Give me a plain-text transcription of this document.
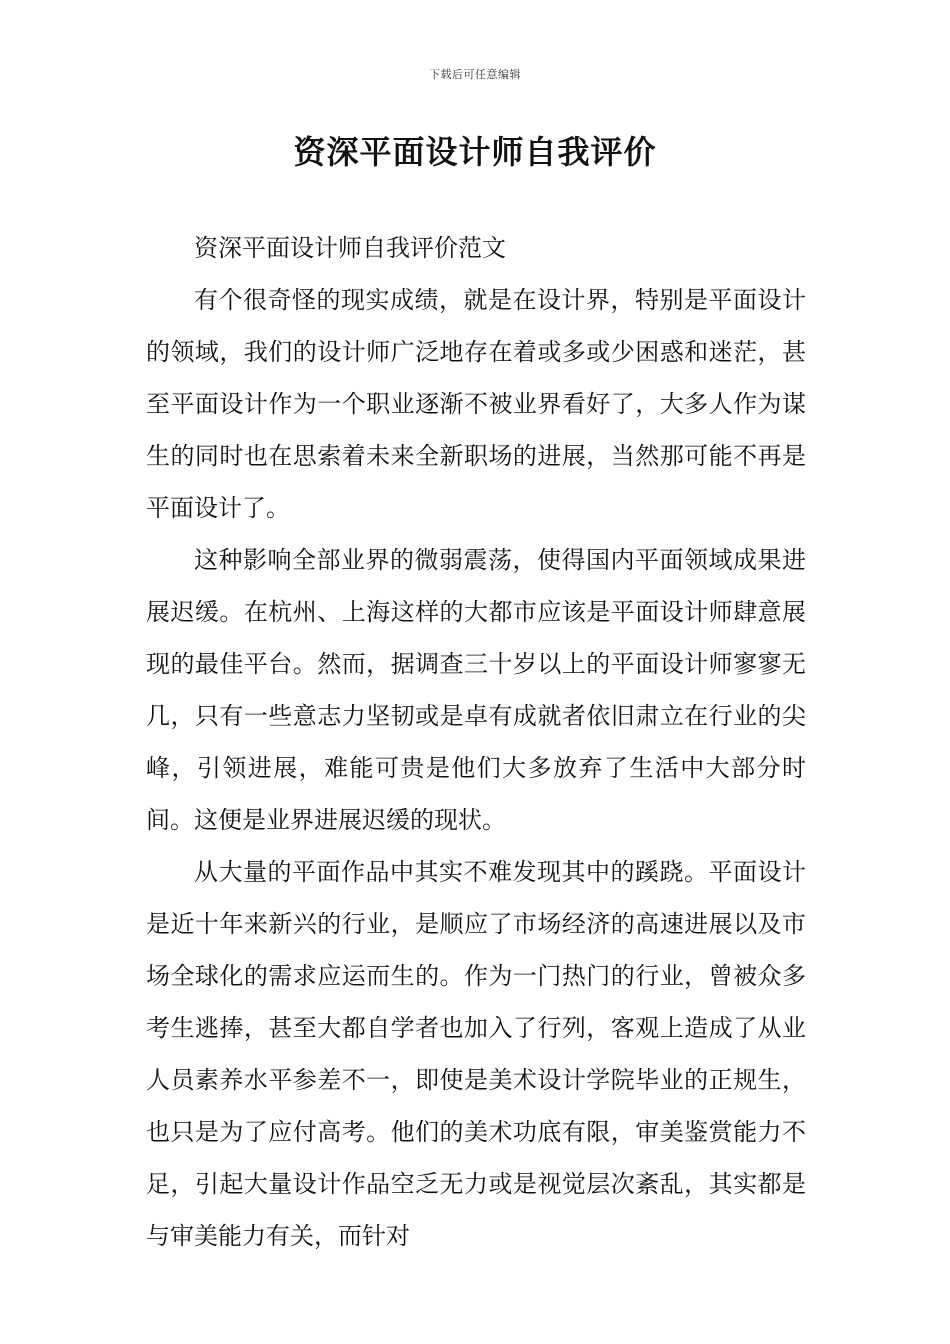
下载后可任意编辑
资深平面设计师自我评价

资深平面设计师自我评价范文

有个很奇怪的现实成绩，就是在设计界，特别是平面设计的领域，我们的设计师广泛地存在着或多或少困惑和迷茫，甚至平面设计作为一个职业逐渐不被业界看好了，大多人作为谋生的同时也在思索着未来全新职场的进展，当然那可能不再是平面设计了。

这种影响全部业界的微弱震荡，使得国内平面领域成果进展迟缓。在杭州、上海这样的大都市应该是平面设计师肆意展现的最佳平台。然而，据调查三十岁以上的平面设计师寥寥无几，只有一些意志力坚韧或是卓有成就者依旧肃立在行业的尖峰，引领进展，难能可贵是他们大多放弃了生活中大部分时间。这便是业界进展迟缓的现状。

从大量的平面作品中其实不难发现其中的蹊跷。平面设计是近十年来新兴的行业，是顺应了市场经济的高速进展以及市场全球化的需求应运而生的。作为一门热门的行业，曾被众多考生逃捧，甚至大都自学者也加入了行列，客观上造成了从业人员素养水平参差不一，即使是美术设计学院毕业的正规生，也只是为了应付高考。他们的美术功底有限，审美鉴赏能力不足，引起大量设计作品空乏无力或是视觉层次紊乱，其实都是与审美能力有关，而针对
